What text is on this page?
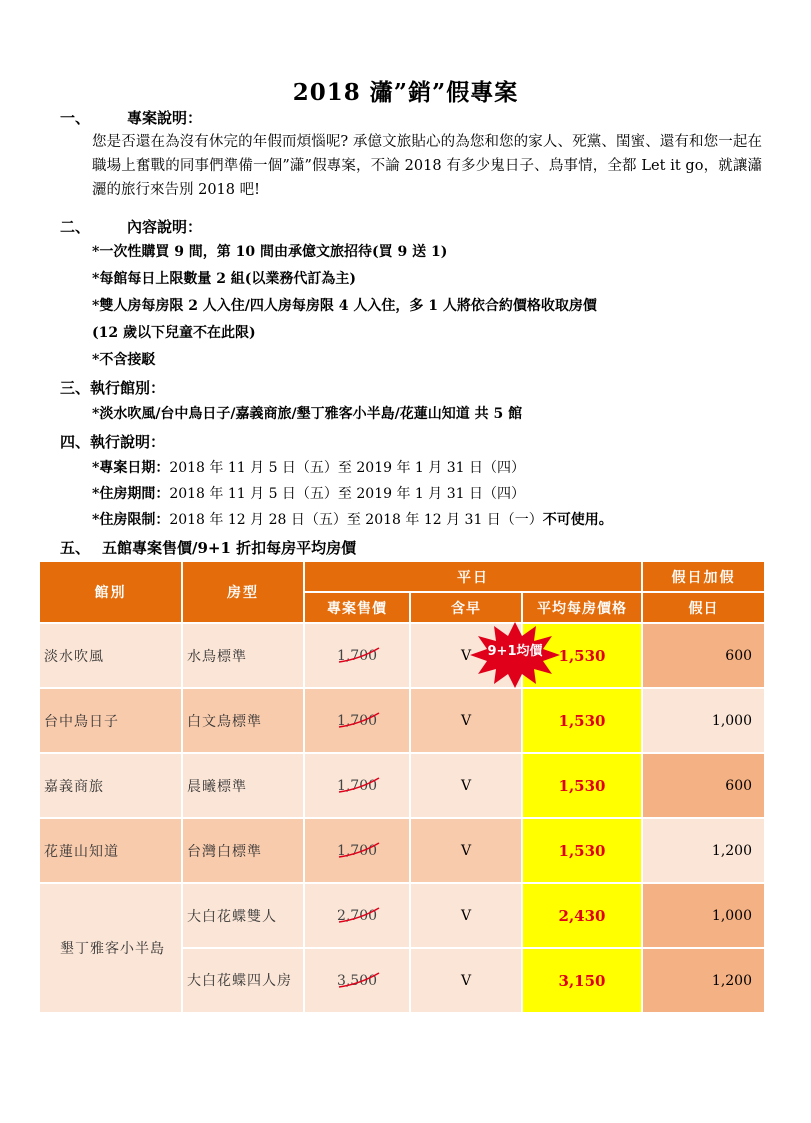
2018 瀟”銷”假專案
一、 專案說明：
您是否還在為沒有休完的年假而煩惱呢? 承億文旅貼心的為您和您的家人、死黨、閨蜜、還有和您一起在職場上奮戰的同事們準備一個”瀟”假專案，不論 2018 有多少鬼日子、鳥事情，全都 Let it go，就讓瀟灑的旅行來告別 2018 吧!
二、 內容說明：
*一次性購買 9 間，第 10 間由承億文旅招待(買 9 送 1)
*每館每日上限數量 2 組(以業務代訂為主)
*雙人房每房限 2 人入住/四人房每房限 4 人入住，多 1 人將依合約價格收取房價
(12 歲以下兒童不在此限)
*不含接駁
三、執行館別：
*淡水吹風/台中鳥日子/嘉義商旅/墾丁雅客小半島/花蓮山知道 共 5 館
四、執行說明：
*專案日期：2018 年 11 月 5 日（五）至 2019 年 1 月 31 日（四）
*住房期間：2018 年 11 月 5 日（五）至 2019 年 1 月 31 日（四）
*住房限制：2018 年 12 月 28 日（五）至 2018 年 12 月 31 日（一）不可使用。
五、 五館專案售價/9+1 折扣每房平均房價
館別	房型	平日			假日加假
		專案售價	含早	平均每房價格	假日
淡水吹風	水鳥標準	1,700	V	1,530	600
台中鳥日子	白文鳥標準	1,700	V	1,530	1,000
嘉義商旅	晨曦標準	1,700	V	1,530	600
花蓮山知道	台灣白標準	1,700	V	1,530	1,200
墾丁雅客小半島	大白花蝶雙人	2,700	V	2,430	1,000
	大白花蝶四人房	3,500	V	3,150	1,200
9+1均價
